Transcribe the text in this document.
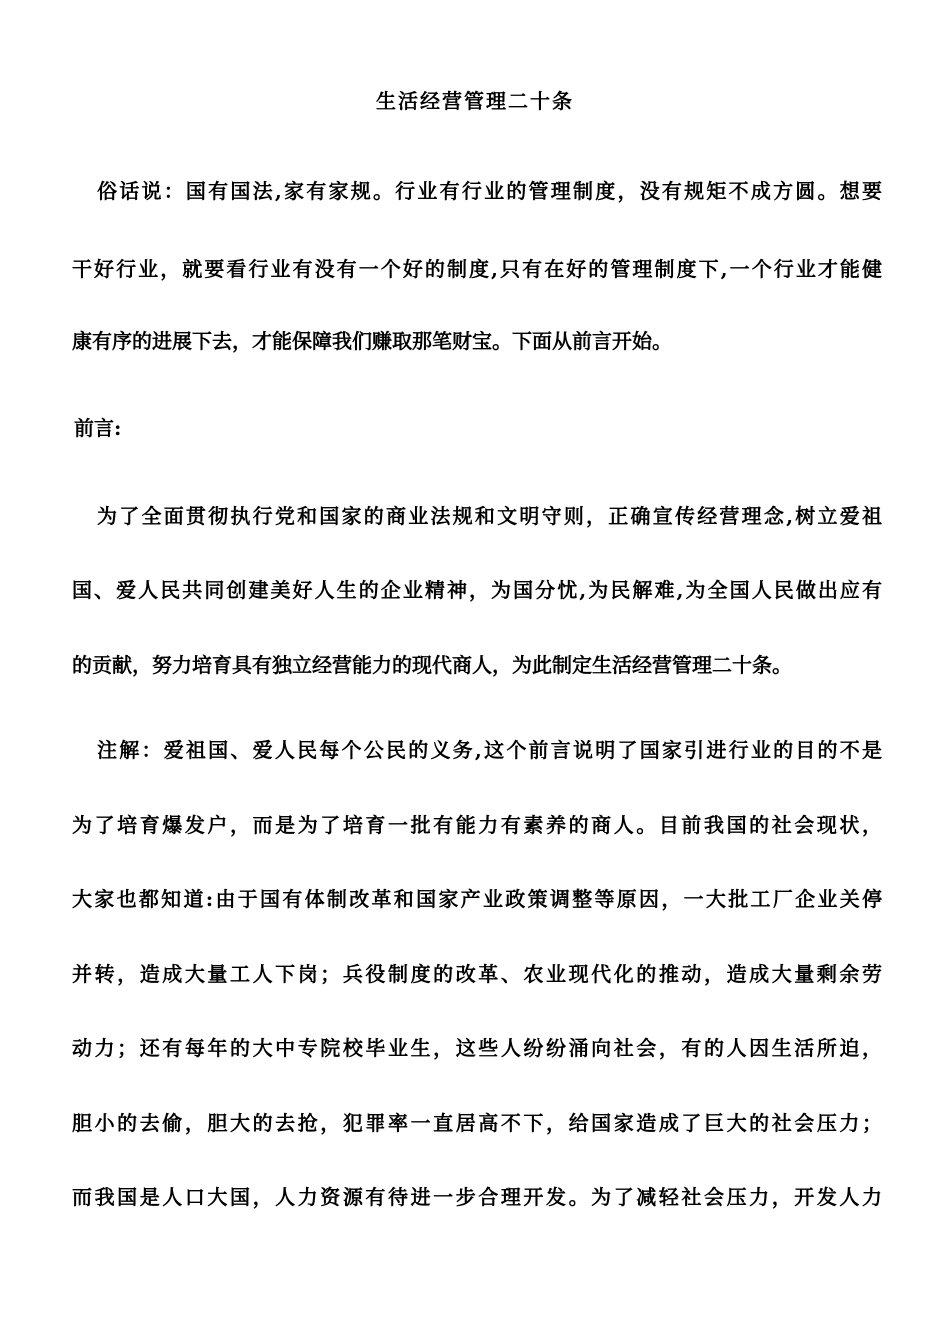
生活经营管理二十条
俗话说：国有国法,家有家规。行业有行业的管理制度，没有规矩不成方圆。想要
干好行业，就要看行业有没有一个好的制度,只有在好的管理制度下,一个行业才能健
康有序的进展下去，才能保障我们赚取那笔财宝。下面从前言开始。
前言:
为了全面贯彻执行党和国家的商业法规和文明守则，正确宣传经营理念,树立爱祖
国、爱人民共同创建美好人生的企业精神，为国分忧,为民解难,为全国人民做出应有
的贡献，努力培育具有独立经营能力的现代商人，为此制定生活经营管理二十条。
注解：爱祖国、爱人民每个公民的义务,这个前言说明了国家引进行业的目的不是
为了培育爆发户，而是为了培育一批有能力有素养的商人。目前我国的社会现状，
大家也都知道:由于国有体制改革和国家产业政策调整等原因，一大批工厂企业关停
并转，造成大量工人下岗；兵役制度的改革、农业现代化的推动，造成大量剩余劳
动力；还有每年的大中专院校毕业生，这些人纷纷涌向社会，有的人因生活所迫，
胆小的去偷，胆大的去抢，犯罪率一直居高不下，给国家造成了巨大的社会压力；
而我国是人口大国，人力资源有待进一步合理开发。为了减轻社会压力，开发人力
